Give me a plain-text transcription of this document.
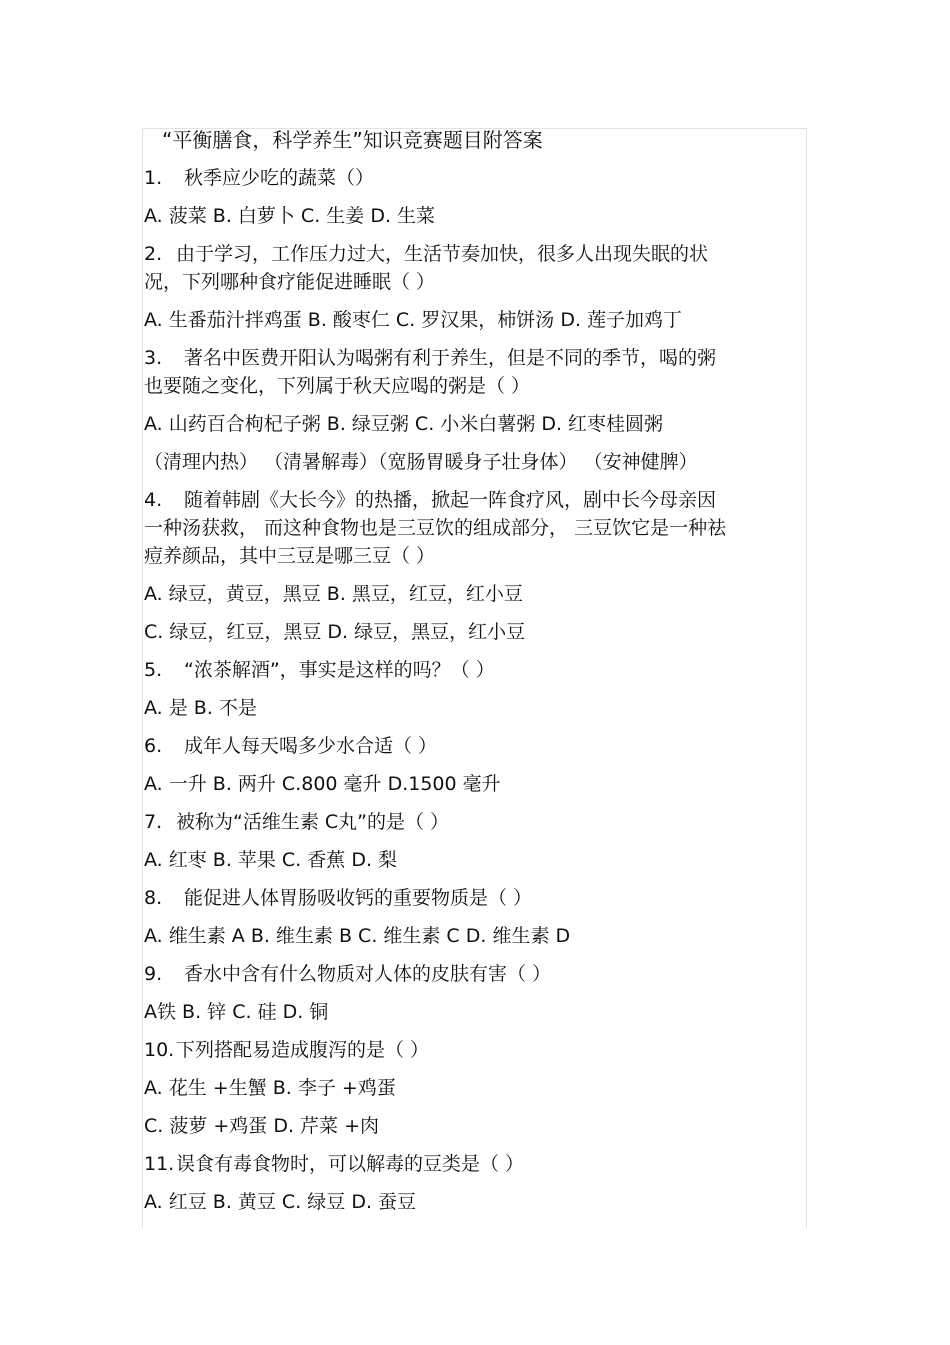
“平衡膳食，科学养生”知识竞赛题目附答案
1. 秋季应少吃的蔬菜（）
A. 菠菜 B. 白萝卜 C. 生姜 D. 生菜
2. 由于学习，工作压力过大，生活节奏加快，很多人出现失眠的状
况，下列哪种食疗能促进睡眠（ ）
A. 生番茄汁拌鸡蛋 B. 酸枣仁 C. 罗汉果，柿饼汤 D. 莲子加鸡丁
3. 著名中医费开阳认为喝粥有利于养生，但是不同的季节，喝的粥
也要随之变化，下列属于秋天应喝的粥是（ ）
A. 山药百合枸杞子粥 B. 绿豆粥 C. 小米白薯粥 D. 红枣桂圆粥
（清理内热） （清暑解毒）（宽肠胃暖身子壮身体） （安神健脾）
4. 随着韩剧《大长今》的热播，掀起一阵食疗风，剧中长今母亲因
一种汤获救， 而这种食物也是三豆饮的组成部分， 三豆饮它是一种祛
痘养颜品，其中三豆是哪三豆（ ）
A. 绿豆，黄豆，黑豆 B. 黑豆，红豆，红小豆
C. 绿豆，红豆，黑豆 D. 绿豆，黑豆，红小豆
5. “浓茶解酒”，事实是这样的吗？（ ）
A. 是 B. 不是
6. 成年人每天喝多少水合适（ ）
A. 一升 B. 两升 C.800 毫升 D.1500 毫升
7. 被称为“活维生素 C丸”的是（ ）
A. 红枣 B. 苹果 C. 香蕉 D. 梨
8. 能促进人体胃肠吸收钙的重要物质是（ ）
A. 维生素 A B. 维生素 B C. 维生素 C D. 维生素 D
9. 香水中含有什么物质对人体的皮肤有害（ ）
A铁 B. 锌 C. 硅 D. 铜
10.下列搭配易造成腹泻的是（ ）
A. 花生 +生蟹 B. 李子 +鸡蛋
C. 菠萝 +鸡蛋 D. 芹菜 +肉
11.误食有毒食物时，可以解毒的豆类是（ ）
A. 红豆 B. 黄豆 C. 绿豆 D. 蚕豆
